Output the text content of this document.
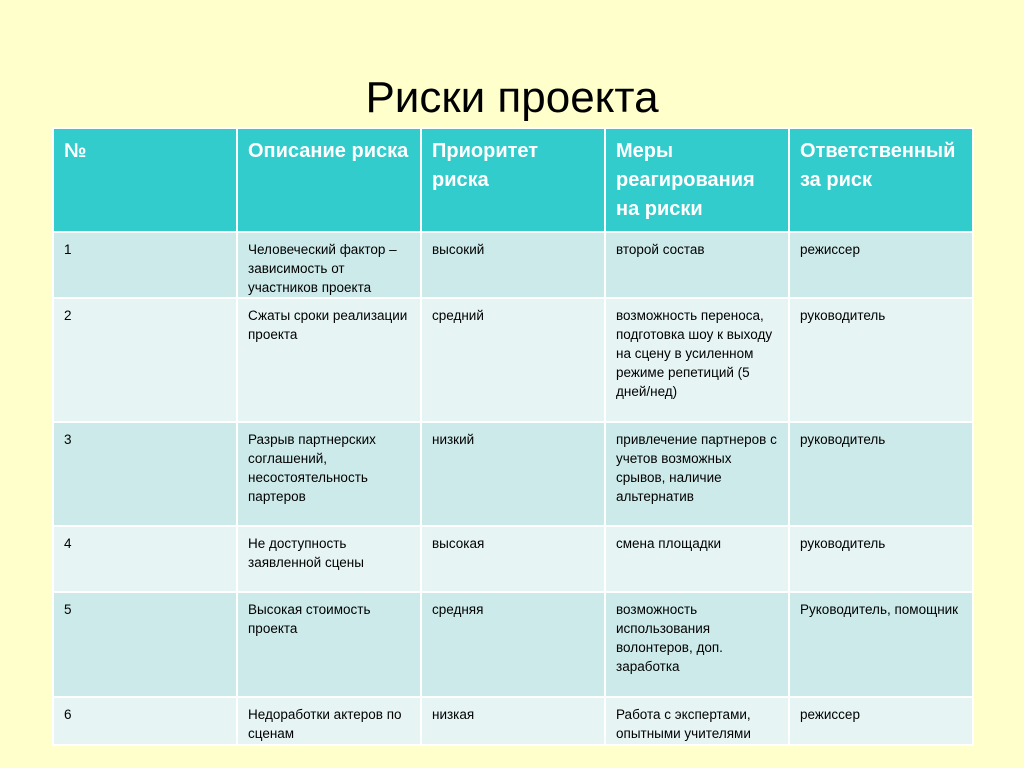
Риски проекта
№	Описание риска	Приоритет риска	Меры реагирования на риски	Ответственный за риск
1	Человеческий фактор – зависимость от участников проекта	высокий	второй состав	режиссер
2	Сжаты сроки реализации проекта	средний	возможность переноса, подготовка шоу к выходу на сцену в усиленном режиме репетиций (5 дней/нед)	руководитель
3	Разрыв партнерских соглашений, несостоятельность партеров	низкий	привлечение партнеров с учетов возможных срывов, наличие альтернатив	руководитель
4	Не доступность заявленной сцены	высокая	смена площадки	руководитель
5	Высокая стоимость проекта	средняя	возможность использования волонтеров, доп. заработка	Руководитель, помощник
6	Недоработки актеров по сценам	низкая	Работа с экспертами, опытными учителями	режиссер
